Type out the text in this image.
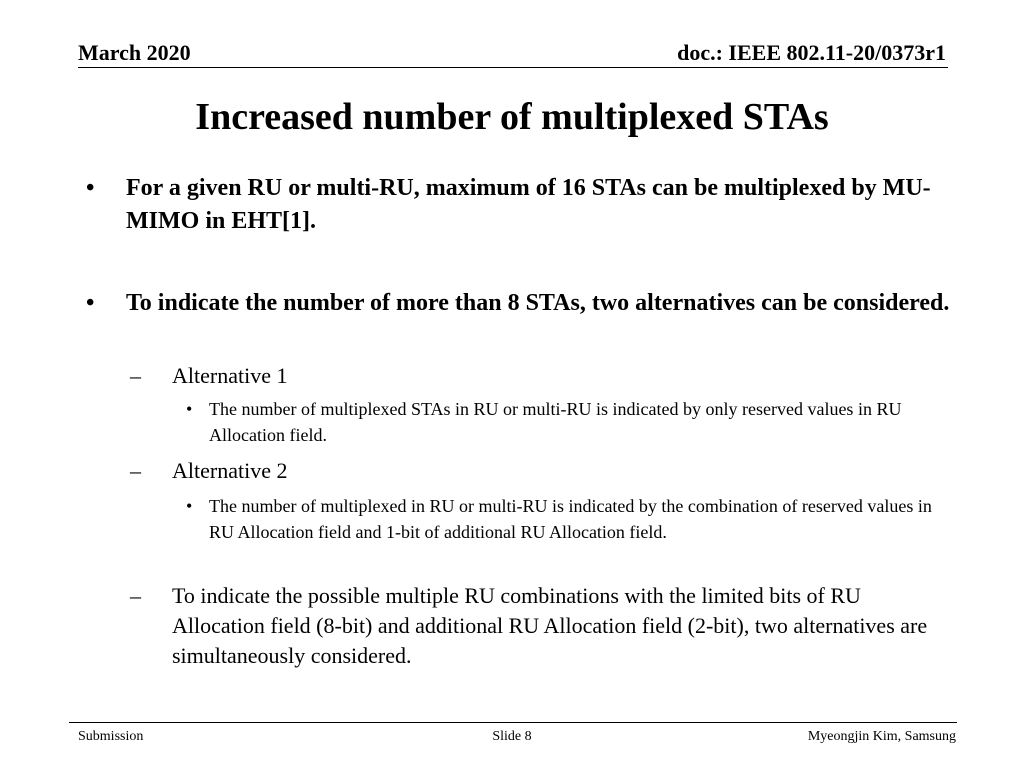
March 2020	doc.: IEEE 802.11-20/0373r1
Increased number of multiplexed STAs
• For a given RU or multi-RU, maximum of 16 STAs can be multiplexed by MU-MIMO in EHT[1].
• To indicate the number of more than 8 STAs, two alternatives can be considered.
– Alternative 1
• The number of multiplexed STAs in RU or multi-RU is indicated by only reserved values in RU Allocation field.
– Alternative 2
• The number of multiplexed in RU or multi-RU is indicated by the combination of reserved values in RU Allocation field and 1-bit of additional RU Allocation field.
– To indicate the possible multiple RU combinations with the limited bits of RU Allocation field (8-bit) and additional RU Allocation field (2-bit), two alternatives are simultaneously considered.
Submission	Slide 8	Myeongjin Kim, Samsung
